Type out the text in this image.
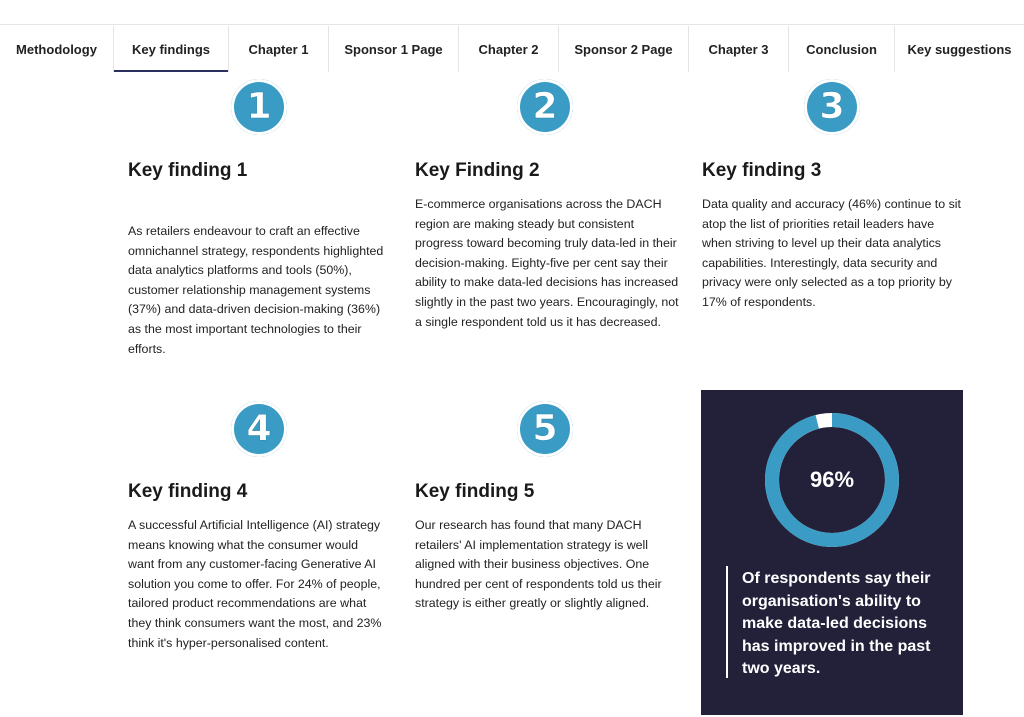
Methodology	Key findings	Chapter 1	Sponsor 1 Page	Chapter 2	Sponsor 2 Page	Chapter 3	Conclusion	Key suggestions
1
Key finding 1

As retailers endeavour to craft an effective omnichannel strategy, respondents highlighted data analytics platforms and tools (50%), customer relationship management systems (37%) and data-driven decision-making (36%) as the most important technologies to their efforts.

2
Key Finding 2

E-commerce organisations across the DACH region are making steady but consistent progress toward becoming truly data-led in their decision-making. Eighty-five per cent say their ability to make data-led decisions has increased slightly in the past two years. Encouragingly, not a single respondent told us it has decreased.

3
Key finding 3

Data quality and accuracy (46%) continue to sit atop the list of priorities retail leaders have when striving to level up their data analytics capabilities. Interestingly, data security and privacy were only selected as a top priority by 17% of respondents.

4
Key finding 4

A successful Artificial Intelligence (AI) strategy means knowing what the consumer would want from any customer-facing Generative AI solution you come to offer. For 24% of people, tailored product recommendations are what they think consumers want the most, and 23% think it's hyper-personalised content.

5
Key finding 5

Our research has found that many DACH retailers' AI implementation strategy is well aligned with their business objectives. One hundred per cent of respondents told us their strategy is either greatly or slightly aligned.

96%

Of respondents say their organisation's ability to make data-led decisions has improved in the past two years.
